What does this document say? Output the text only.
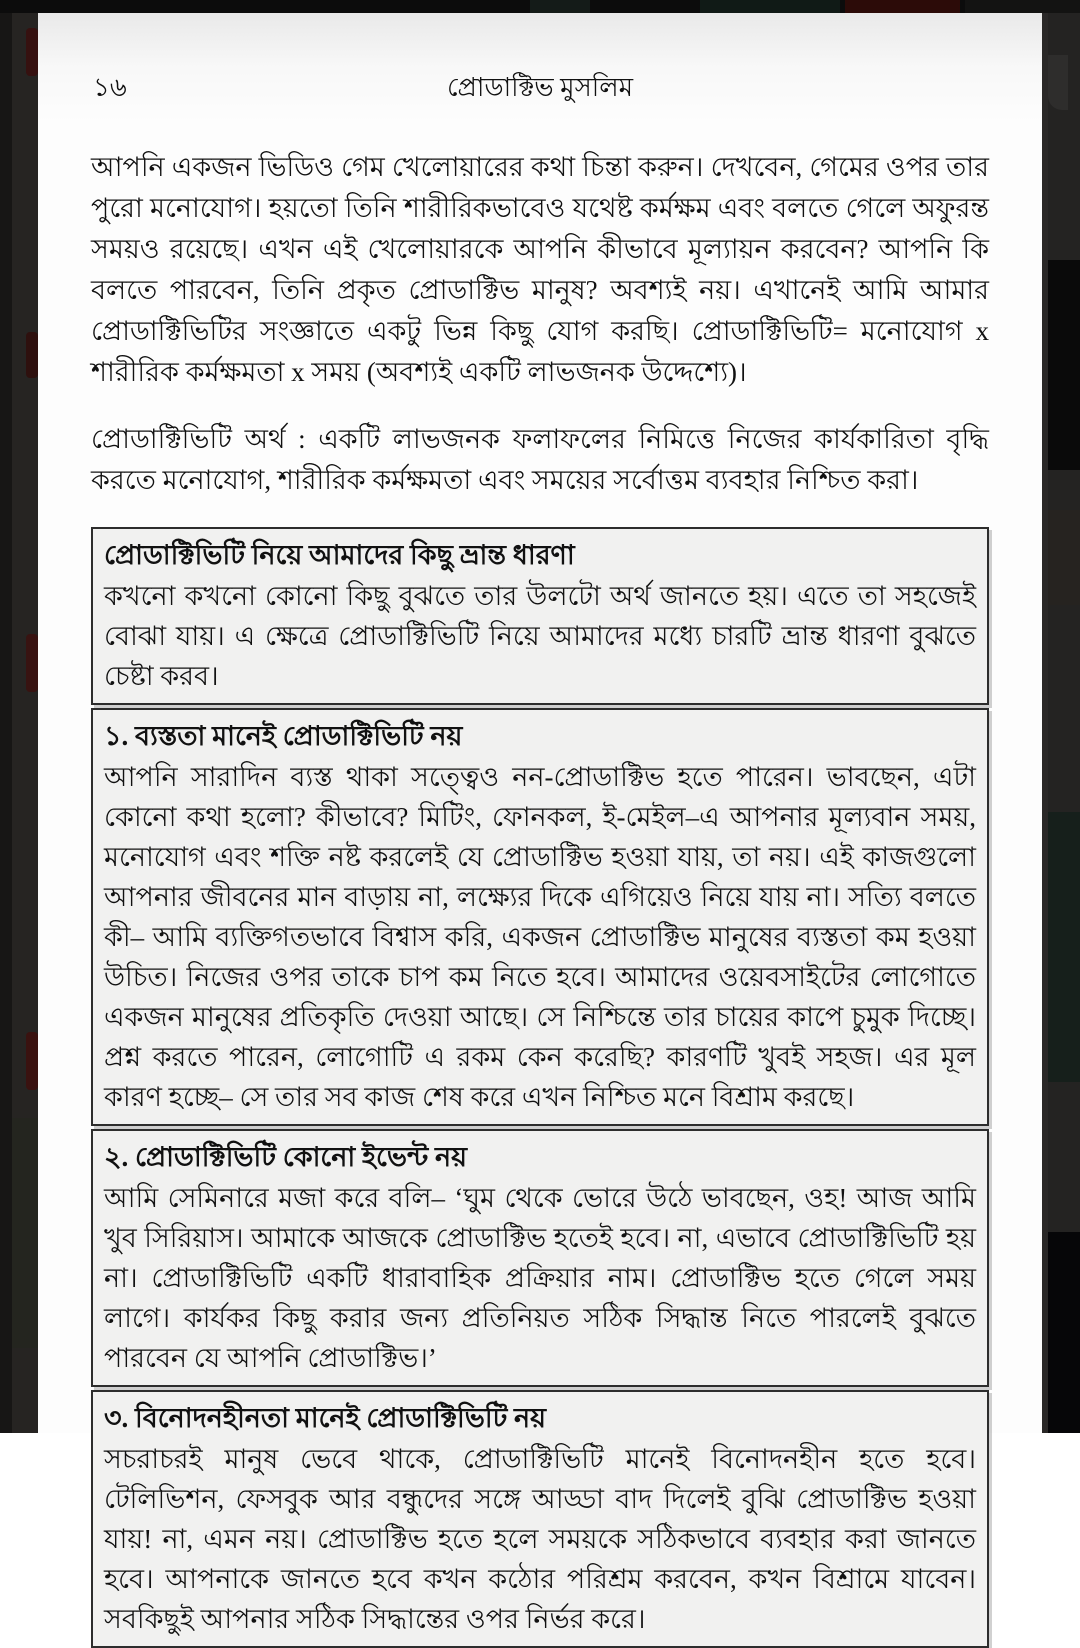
১৬	প্রোডাক্টিভ মুসলিম

আপনি একজন ভিডিও গেম খেলোয়ারের কথা চিন্তা করুন। দেখবেন, গেমের ওপর তার পুরো মনোযোগ। হয়তো তিনি শারীরিকভাবেও যথেষ্ট কর্মক্ষম এবং বলতে গেলে অফুরন্ত সময়ও রয়েছে। এখন এই খেলোয়ারকে আপনি কীভাবে মূল্যায়ন করবেন? আপনি কি বলতে পারবেন, তিনি প্রকৃত প্রোডাক্টিভ মানুষ? অবশ্যই নয়। এখানেই আমি আমার প্রোডাক্টিভিটির সংজ্ঞাতে একটু ভিন্ন কিছু যোগ করছি। প্রোডাক্টিভিটি= মনোযোগ x শারীরিক কর্মক্ষমতা x সময় (অবশ্যই একটি লাভজনক উদ্দেশ্যে)।

প্রোডাক্টিভিটি অর্থ : একটি লাভজনক ফলাফলের নিমিত্তে নিজের কার্যকারিতা বৃদ্ধি করতে মনোযোগ, শারীরিক কর্মক্ষমতা এবং সময়ের সর্বোত্তম ব্যবহার নিশ্চিত করা।

প্রোডাক্টিভিটি নিয়ে আমাদের কিছু ভ্রান্ত ধারণা

কখনো কখনো কোনো কিছু বুঝতে তার উলটো অর্থ জানতে হয়। এতে তা সহজেই বোঝা যায়। এ ক্ষেত্রে প্রোডাক্টিভিটি নিয়ে আমাদের মধ্যে চারটি ভ্রান্ত ধারণা বুঝতে চেষ্টা করব।

১. ব্যস্ততা মানেই প্রোডাক্টিভিটি নয়

আপনি সারাদিন ব্যস্ত থাকা সত্ত্বেও নন-প্রোডাক্টিভ হতে পারেন। ভাবছেন, এটা কোনো কথা হলো? কীভাবে? মিটিং, ফোনকল, ই-মেইল–এ আপনার মূল্যবান সময়, মনোযোগ এবং শক্তি নষ্ট করলেই যে প্রোডাক্টিভ হওয়া যায়, তা নয়। এই কাজগুলো আপনার জীবনের মান বাড়ায় না, লক্ষ্যের দিকে এগিয়েও নিয়ে যায় না। সত্যি বলতে কী– আমি ব্যক্তিগতভাবে বিশ্বাস করি, একজন প্রোডাক্টিভ মানুষের ব্যস্ততা কম হওয়া উচিত। নিজের ওপর তাকে চাপ কম নিতে হবে। আমাদের ওয়েবসাইটের লোগোতে একজন মানুষের প্রতিকৃতি দেওয়া আছে। সে নিশ্চিন্তে তার চায়ের কাপে চুমুক দিচ্ছে। প্রশ্ন করতে পারেন, লোগোটি এ রকম কেন করেছি? কারণটি খুবই সহজ। এর মূল কারণ হচ্ছে– সে তার সব কাজ শেষ করে এখন নিশ্চিত মনে বিশ্রাম করছে।

২. প্রোডাক্টিভিটি কোনো ইভেন্ট নয়

আমি সেমিনারে মজা করে বলি– ‘ঘুম থেকে ভোরে উঠে ভাবছেন, ওহ! আজ আমি খুব সিরিয়াস। আমাকে আজকে প্রোডাক্টিভ হতেই হবে। না, এভাবে প্রোডাক্টিভিটি হয় না। প্রোডাক্টিভিটি একটি ধারাবাহিক প্রক্রিয়ার নাম। প্রোডাক্টিভ হতে গেলে সময় লাগে। কার্যকর কিছু করার জন্য প্রতিনিয়ত সঠিক সিদ্ধান্ত নিতে পারলেই বুঝতে পারবেন যে আপনি প্রোডাক্টিভ।’

৩. বিনোদনহীনতা মানেই প্রোডাক্টিভিটি নয়

সচরাচরই মানুষ ভেবে থাকে, প্রোডাক্টিভিটি মানেই বিনোদনহীন হতে হবে। টেলিভিশন, ফেসবুক আর বন্ধুদের সঙ্গে আড্ডা বাদ দিলেই বুঝি প্রোডাক্টিভ হওয়া যায়! না, এমন নয়। প্রোডাক্টিভ হতে হলে সময়কে সঠিকভাবে ব্যবহার করা জানতে হবে। আপনাকে জানতে হবে কখন কঠোর পরিশ্রম করবেন, কখন বিশ্রামে যাবেন। সবকিছুই আপনার সঠিক সিদ্ধান্তের ওপর নির্ভর করে।
